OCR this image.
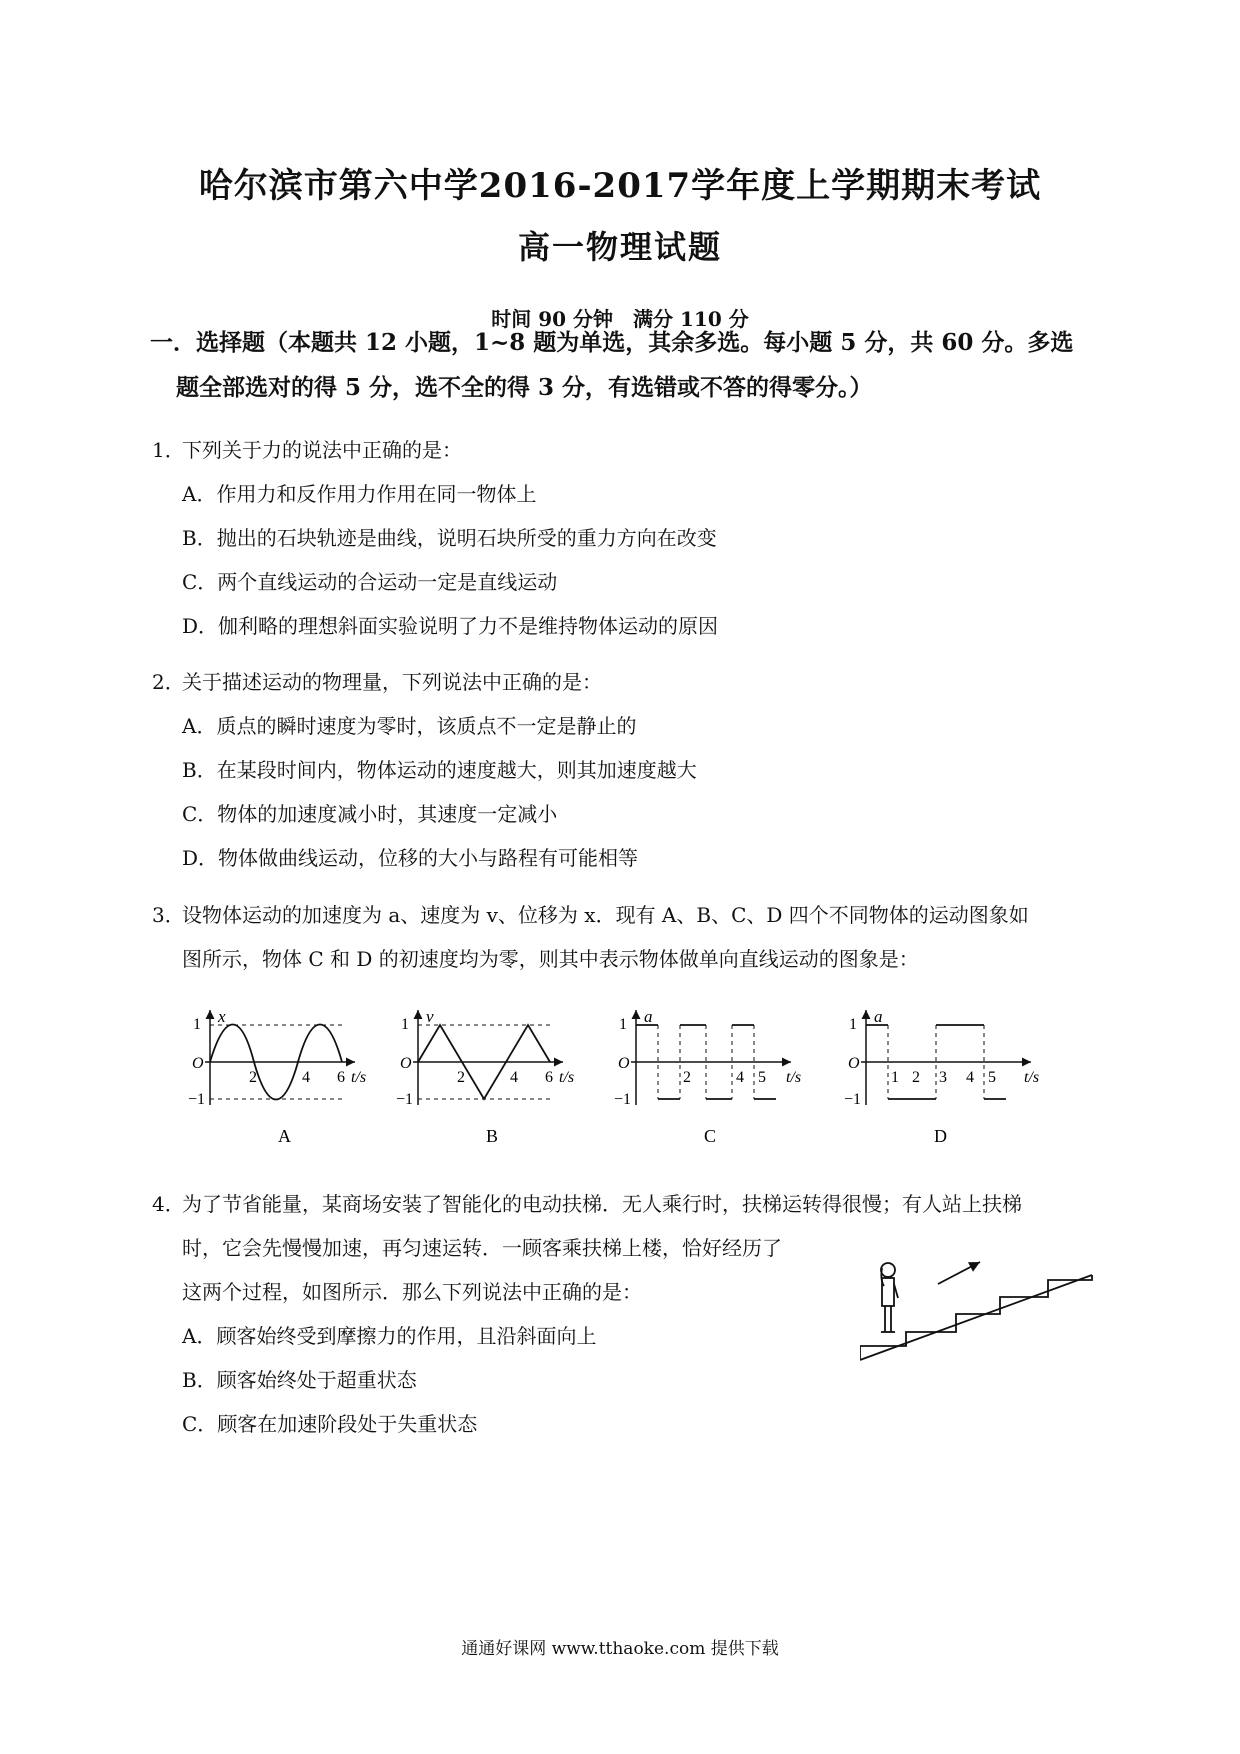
哈尔滨市第六中学2016-2017学年度上学期期末考试
高一物理试题
时间 90 分钟　满分 110 分
一．选择题（本题共 12 小题，1~8 题为单选，其余多选。每小题 5 分，共 60 分。多选
题全部选对的得 5 分，选不全的得 3 分，有选错或不答的得零分。）
1．
下列关于力的说法中正确的是：
A．作用力和反作用力作用在同一物体上
B．抛出的石块轨迹是曲线，说明石块所受的重力方向在改变
C．两个直线运动的合运动一定是直线运动
D．伽利略的理想斜面实验说明了力不是维持物体运动的原因
2．
关于描述运动的物理量，下列说法中正确的是：
A．质点的瞬时速度为零时，该质点不一定是静止的
B．在某段时间内，物体运动的速度越大，则其加速度越大
C．物体的加速度减小时，其速度一定减小
D．物体做曲线运动，位移的大小与路程有可能相等
3．
设物体运动的加速度为 a、速度为 v、位移为 x．现有 A、B、C、D 四个不同物体的运动图象如
图所示，物体 C 和 D 的初速度均为零，则其中表示物体做单向直线运动的图象是：
x
1
O
−1
2	4 6 t/s
A
v
1
O
−1
2	4 6 t/s
B
a
1
O
−1
2	4 5 t/s
C
a
1
O
−1
1 2 3 4 5 t/s
D
4．
为了节省能量，某商场安装了智能化的电动扶梯．无人乘行时，扶梯运转得很慢；有人站上扶梯
时，它会先慢慢加速，再匀速运转．一顾客乘扶梯上楼，恰好经历了
这两个过程，如图所示．那么下列说法中正确的是：
A．顾客始终受到摩擦力的作用，且沿斜面向上
B．顾客始终处于超重状态
C．顾客在加速阶段处于失重状态
通通好课网 www.tthaoke.com 提供下载
